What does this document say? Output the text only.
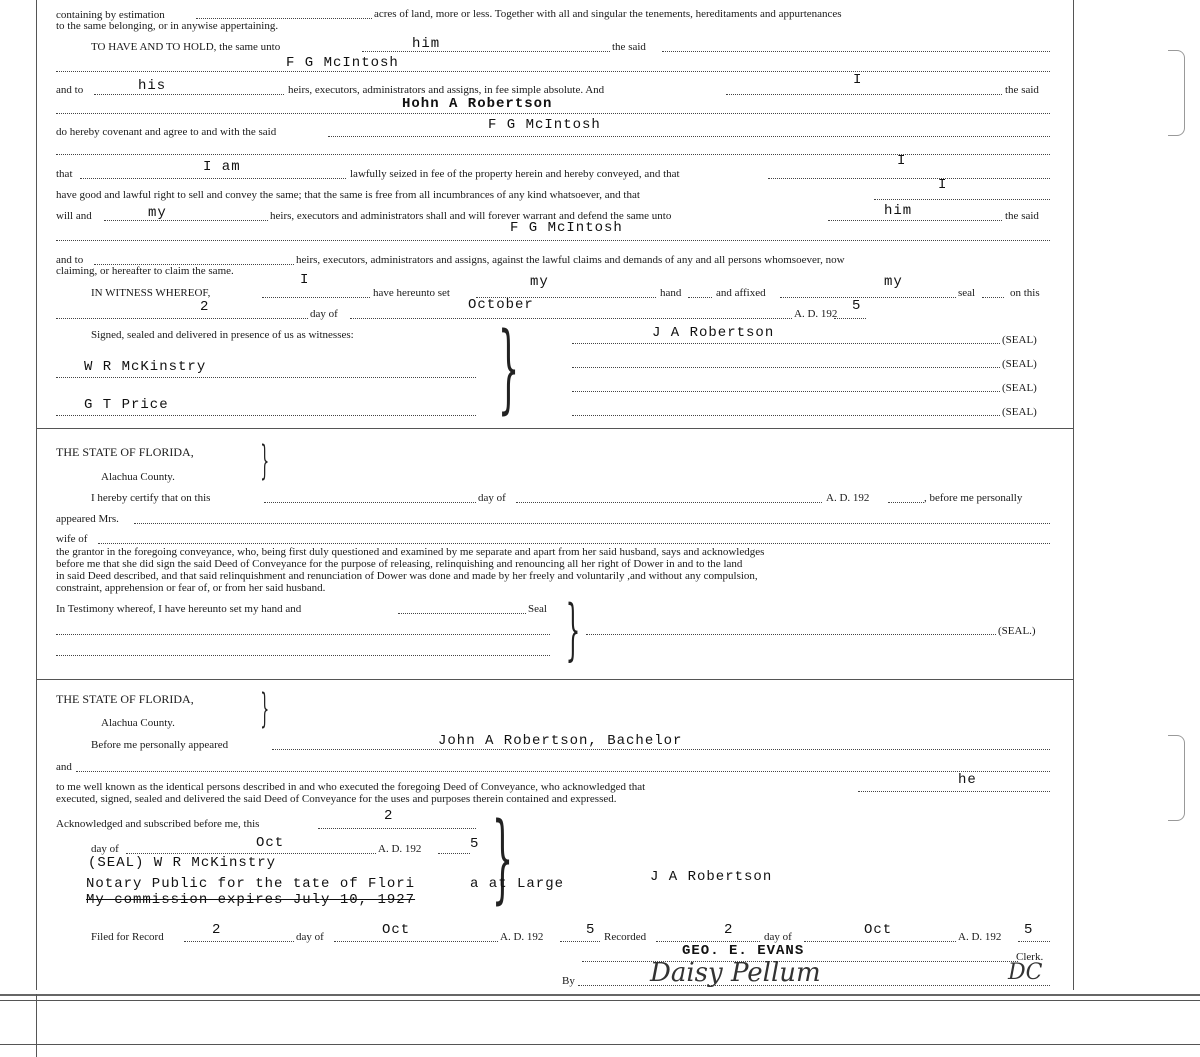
containing by estimation	acres of land, more or less. Together with all and singular the tenements, hereditaments and appurtenances
to the same belonging, or in anywise appertaining.
TO HAVE AND TO HOLD, the same unto	him	the said
F G McIntosh
and to	his	heirs, executors, administrators and assigns, in fee simple absolute. And
I
the said
Hohn A Robertson
do hereby covenant and agree to and with the said	F G McIntosh
that	I am	lawfully seized in fee of the property herein and hereby conveyed, and that
I
have good and lawful right to sell and convey the same; that the same is free from all incumbrances of any kind whatsoever, and that
I
will and	my	heirs, executors and administrators shall and will forever warrant and defend the same unto	him	the said
F G McIntosh
and to	heirs, executors, administrators and assigns, against the lawful claims and demands of any and all persons whomsoever, now
claiming, or hereafter to claim the same.
IN WITNESS WHEREOF,
I
have hereunto set
my
hand	and affixed
my
seal	on this
2	day of
October
A. D. 192 5
Signed, sealed and delivered in presence of us as witnesses: }	J A Robertson	(SEAL)
(SEAL)
(SEAL)
(SEAL)
W R McKinstry
G T Price
THE STATE OF FLORIDA, }
Alachua County.
I hereby certify that on this	day of	A. D. 192	, before me personally
appeared Mrs.
wife of
the grantor in the foregoing conveyance, who, being first duly questioned and examined by me separate and apart from her said husband, says and acknowledges
before me that she did sign the said Deed of Conveyance for the purpose of releasing, relinquishing and renouncing all her right of Dower in and to the land
in said Deed described, and that said relinquishment and renunciation of Dower was done and made by her freely and voluntarily ,and without any compulsion,
constraint, apprehension or fear of, or from her said husband.
In Testimony whereof, I have hereunto set my hand and	Seal }	(SEAL.)
THE STATE OF FLORIDA, }
Alachua County.
Before me personally appeared	John A Robertson, Bachelor
and
to me well known as the identical persons described in and who executed the foregoing Deed of Conveyance, who acknowledged that	he
executed, signed, sealed and delivered the said Deed of Conveyance for the uses and purposes therein contained and expressed.
Acknowledged and subscribed before me, this	2 }
day of	Oct	A. D. 192	5
(SEAL) W R McKinstry
Notary Public for the tate of Flori	a at Large
My commission expires July 10, 1927
J A Robertson
Filed for Record	2	day of	Oct	A. D. 192	5 Recorded	2	day of	Oct	A. D. 192 5
GEO. E. EVANS	Clerk.
By	Daisy Pellum	DC
